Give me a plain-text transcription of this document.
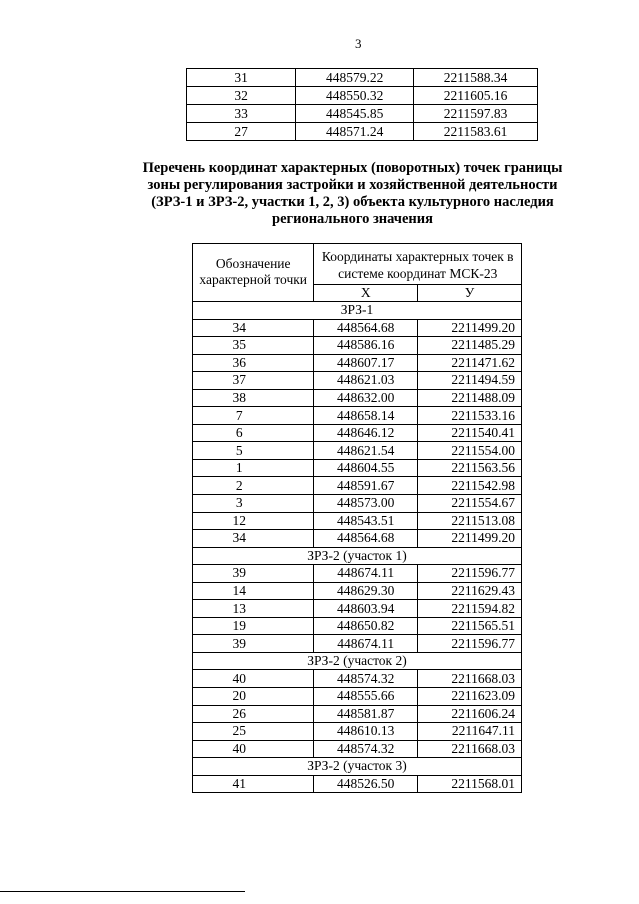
3
31	448579.22	2211588.34
32	448550.32	2211605.16
33	448545.85	2211597.83
27	448571.24	2211583.61
Перечень координат характерных (поворотных) точек границы
зоны регулирования застройки и хозяйственной деятельности
(ЗРЗ-1 и ЗРЗ-2, участки 1, 2, 3) объекта культурного наследия
регионального значения
Обозначение характерной точки	Координаты характерных точек в системе координат МСК-23	
	X	У
ЗРЗ-1		
34	448564.68	2211499.20
35	448586.16	2211485.29
36	448607.17	2211471.62
37	448621.03	2211494.59
38	448632.00	2211488.09
7	448658.14	2211533.16
6	448646.12	2211540.41
5	448621.54	2211554.00
1	448604.55	2211563.56
2	448591.67	2211542.98
3	448573.00	2211554.67
12	448543.51	2211513.08
34	448564.68	2211499.20
ЗРЗ-2 (участок 1)		
39	448674.11	2211596.77
14	448629.30	2211629.43
13	448603.94	2211594.82
19	448650.82	2211565.51
39	448674.11	2211596.77
ЗРЗ-2 (участок 2)		
40	448574.32	2211668.03
20	448555.66	2211623.09
26	448581.87	2211606.24
25	448610.13	2211647.11
40	448574.32	2211668.03
ЗРЗ-2 (участок 3)		
41	448526.50	2211568.01
